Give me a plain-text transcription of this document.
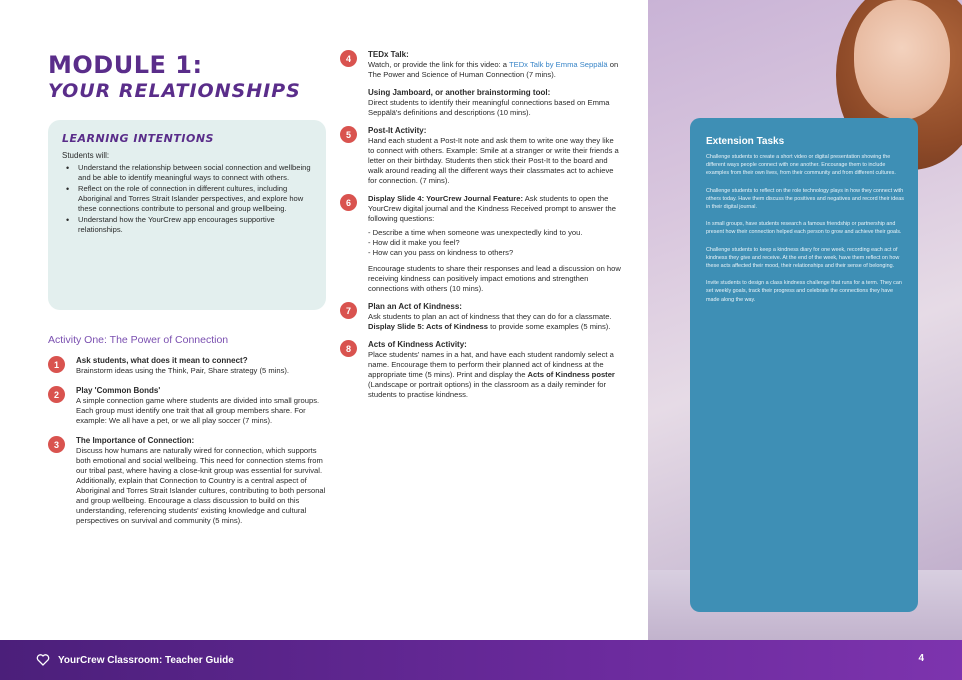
MODULE 1:
YOUR RELATIONSHIPS
LEARNING INTENTIONS
Students will:
• Understand the relationship between social connection and wellbeing and be able to identify meaningful ways to connect with others.
• Reflect on the role of connection in different cultures, including Aboriginal and Torres Strait Islander perspectives, and explore how these connections contribute to personal and group wellbeing.
• Understand how the YourCrew app encourages supportive relationships.
Activity One: The Power of Connection
1	Ask students, what does it mean to connect?
Brainstorm ideas using the Think, Pair, Share strategy (5 mins).
2	Play 'Common Bonds'
A simple connection game where students are divided into small groups. Each group must identify one trait that all group members share. For example: We all have a pet, or we all play soccer (7 mins).
3	The Importance of Connection:
Discuss how humans are naturally wired for connection, which supports both emotional and social wellbeing. This need for connection stems from our tribal past, where having a close-knit group was essential for survival. Additionally, explain that Connection to Country is a central aspect of Aboriginal and Torres Strait Islander cultures, contributing to both personal and group wellbeing. Encourage a class discussion to build on this understanding, referencing students' existing knowledge and cultural perspectives on survival and community (5 mins).
4	TEDx Talk:
Watch, or provide the link for this video: a TEDx Talk by Emma Seppälä on The Power and Science of Human Connection (7 mins).
Using Jamboard, or another brainstorming tool:
Direct students to identify their meaningful connections based on Emma Seppälä's definitions and descriptions (10 mins).
5	Post-It Activity:
Hand each student a Post-It note and ask them to write one way they like to connect with others. Example: Smile at a stranger or write their friends a letter on their birthday. Students then stick their Post-It to the board and walk around reading all the different ways their classmates act to achieve for connection. (7 mins).
6	Display Slide 4: YourCrew Journal Feature: Ask students to open the YourCrew digital journal and the Kindness Received prompt to answer the following questions:
- Describe a time when someone was unexpectedly kind to you.
- How did it make you feel?
- How can you pass on kindness to others?
Encourage students to share their responses and lead a discussion on how receiving kindness can positively impact emotions and strengthen connections with others (10 mins).
7	Plan an Act of Kindness:
Ask students to plan an act of kindness that they can do for a classmate. Display Slide 5: Acts of Kindness to provide some examples (5 mins).
8	Acts of Kindness Activity:
Place students' names in a hat, and have each student randomly select a name. Encourage them to perform their planned act of kindness at the appropriate time (5 mins). Print and display the Acts of Kindness poster (Landscape or portrait options) in the classroom as a daily reminder for students to practise kindness.
Extension Tasks

Challenge students to create a short video or digital presentation showing the different ways people connect with one another. Encourage them to include examples from their own lives, from their community and from different cultures.

Challenge students to reflect on the role technology plays in how they connect with others today. Have them discuss the positives and negatives and record their ideas in their digital journal.

In small groups, have students research a famous friendship or partnership and present how their connection helped each person to grow and achieve their goals.

Challenge students to keep a kindness diary for one week, recording each act of kindness they give and receive. At the end of the week, have them reflect on how these acts affected their mood, their relationships and their sense of belonging.

Invite students to design a class kindness challenge that runs for a term. They can set weekly goals, track their progress and celebrate the connections they have made along the way.

YourCrew Classroom: Teacher Guide	4
